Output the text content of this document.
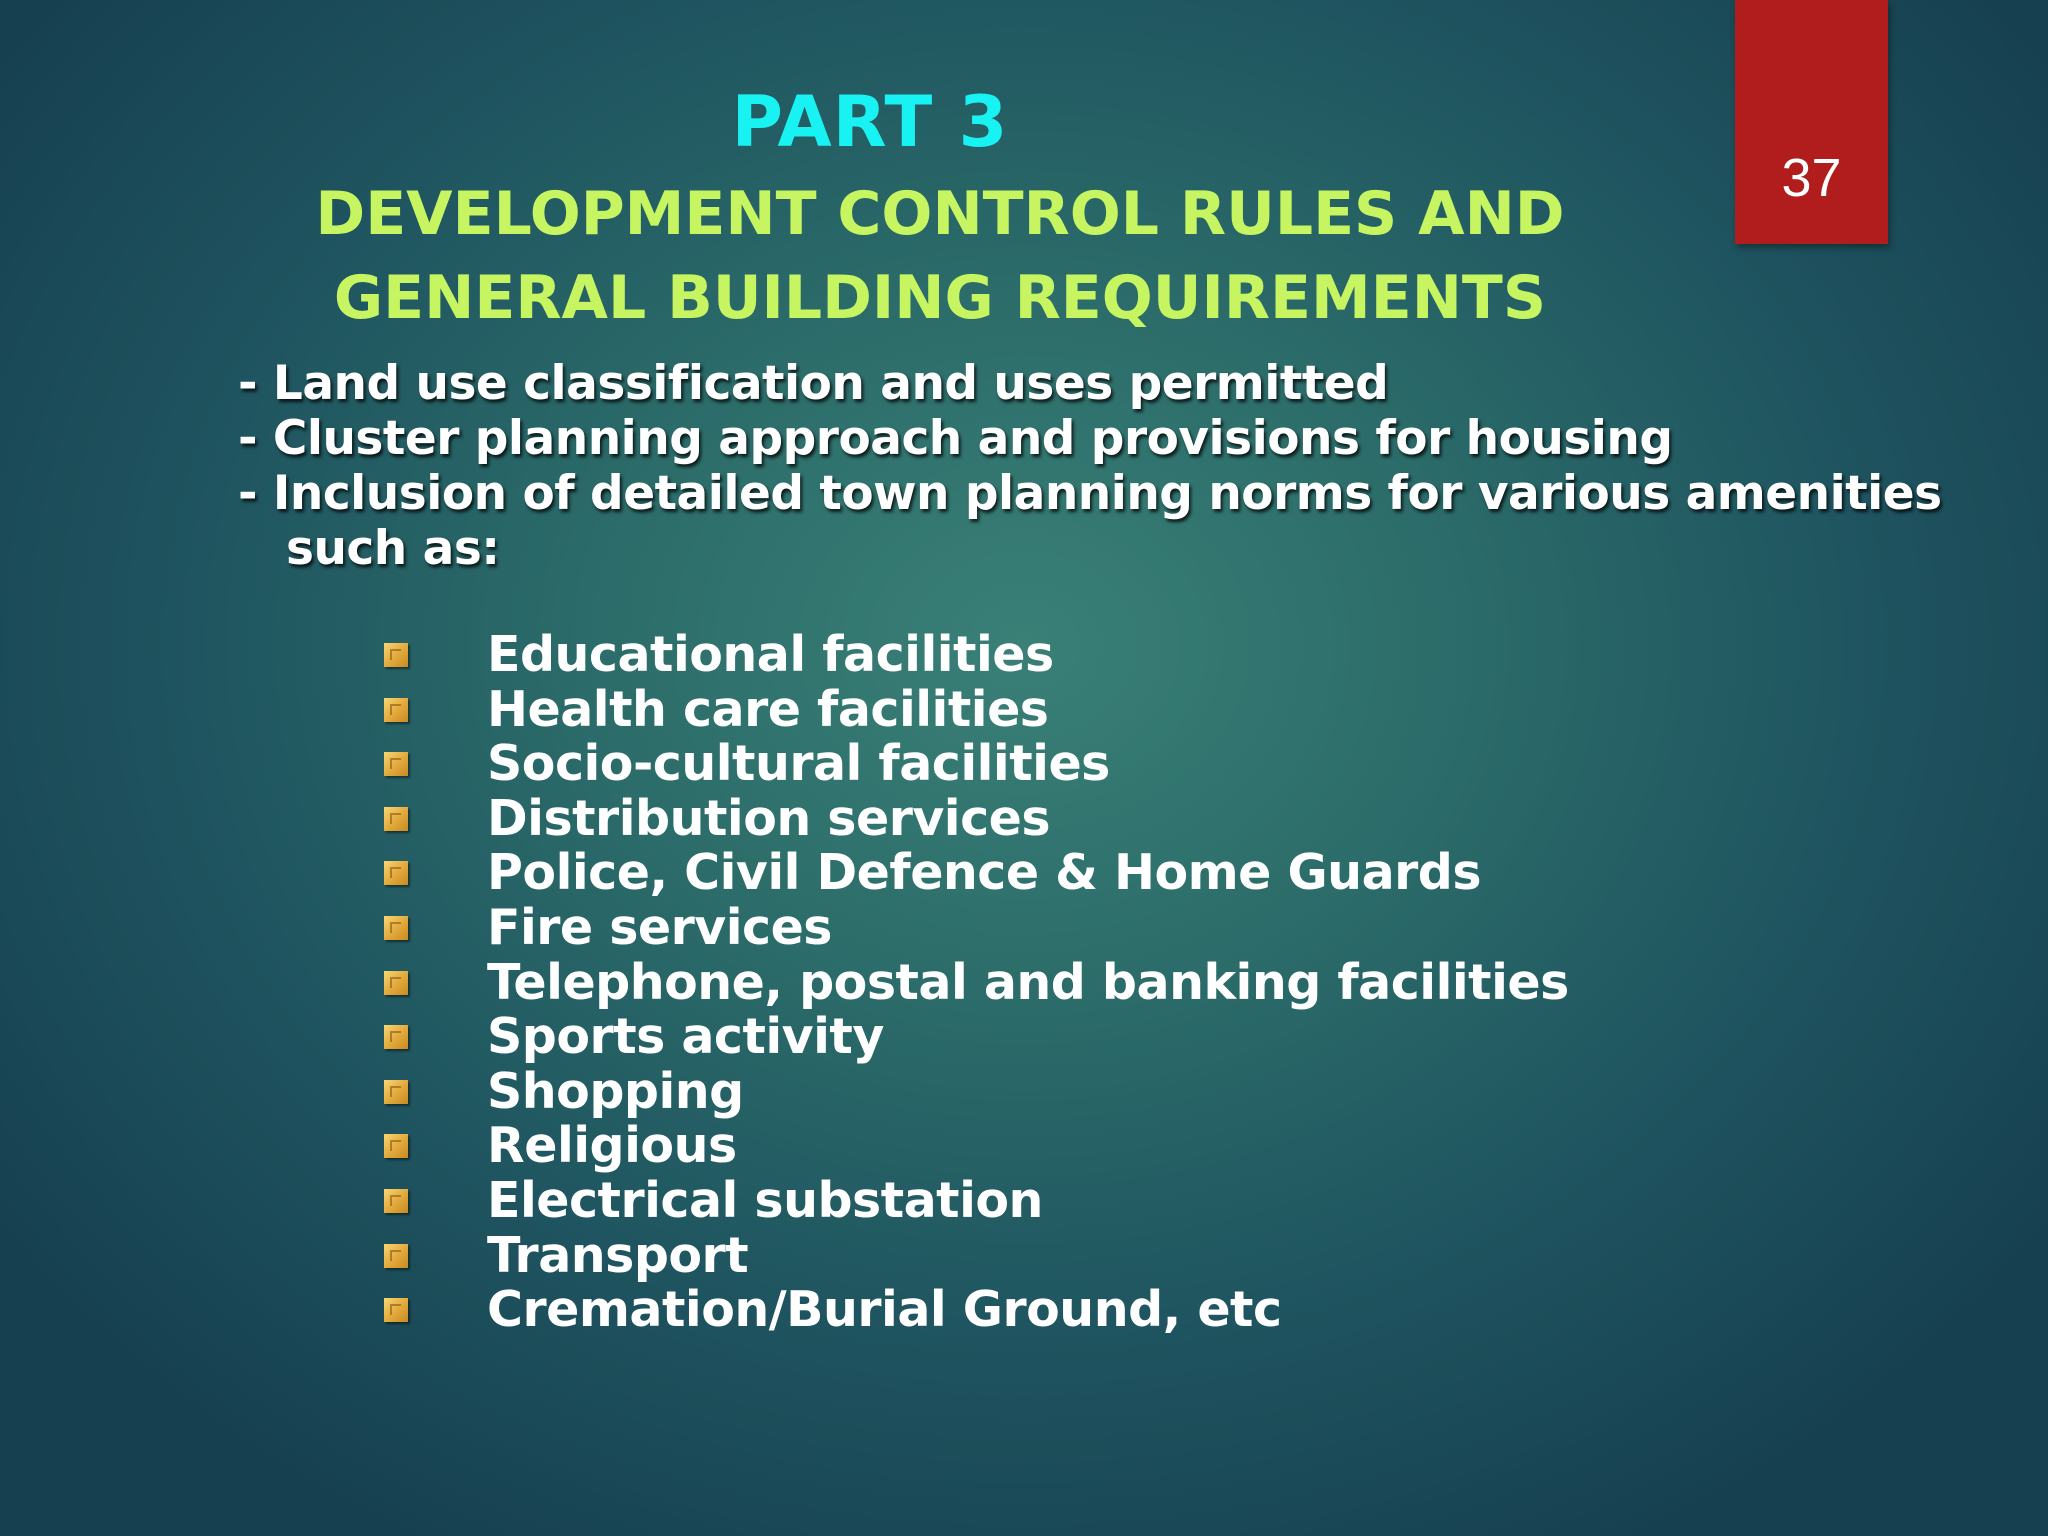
37
PART 3
DEVELOPMENT CONTROL RULES AND
GENERAL BUILDING REQUIREMENTS
- Land use classification and uses permitted
- Cluster planning approach and provisions for housing
- Inclusion of detailed town planning norms for various amenities
such as:
Educational facilities
Health care facilities
Socio-cultural facilities
Distribution services
Police, Civil Defence & Home Guards
Fire services
Telephone, postal and banking facilities
Sports activity
Shopping
Religious
Electrical substation
Transport
Cremation/Burial Ground, etc
